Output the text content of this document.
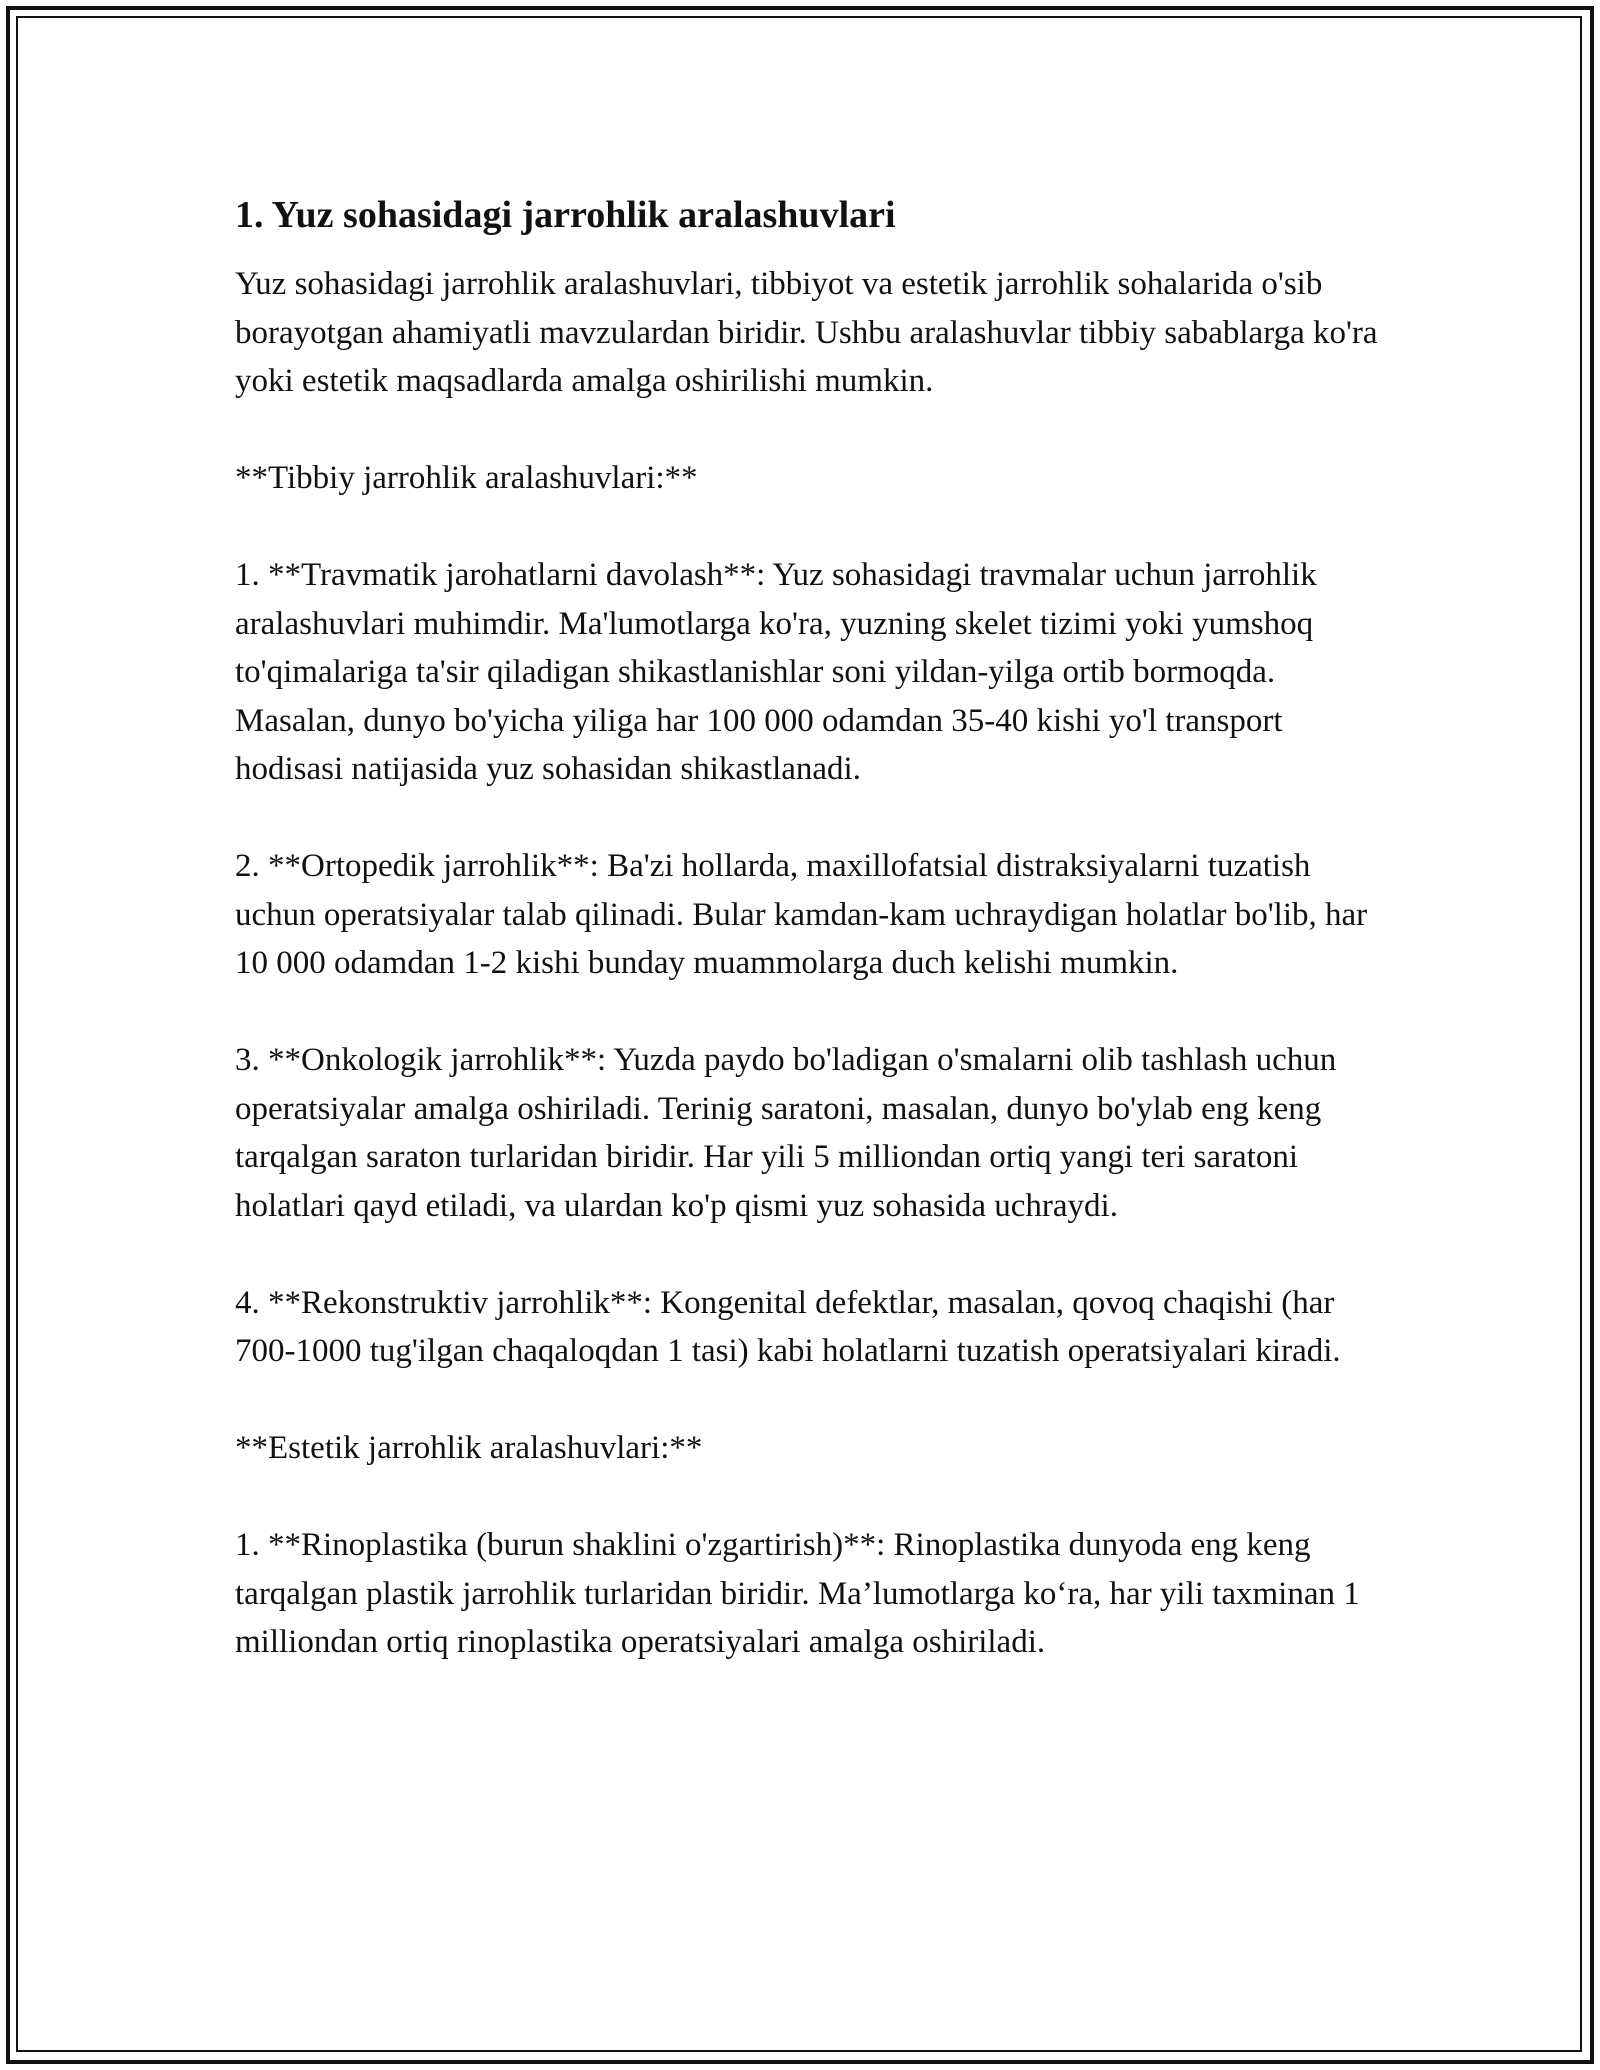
1. Yuz sohasidagi jarrohlik aralashuvlari

Yuz sohasidagi jarrohlik aralashuvlari, tibbiyot va estetik jarrohlik sohalarida o'sib borayotgan ahamiyatli mavzulardan biridir. Ushbu aralashuvlar tibbiy sabablarga ko'ra yoki estetik maqsadlarda amalga oshirilishi mumkin.

**Tibbiy jarrohlik aralashuvlari:**

1. **Travmatik jarohatlarni davolash**: Yuz sohasidagi travmalar uchun jarrohlik aralashuvlari muhimdir. Ma'lumotlarga ko'ra, yuzning skelet tizimi yoki yumshoq to'qimalariga ta'sir qiladigan shikastlanishlar soni yildan-yilga ortib bormoqda. Masalan, dunyo bo'yicha yiliga har 100 000 odamdan 35-40 kishi yo'l transport hodisasi natijasida yuz sohasidan shikastlanadi.

2. **Ortopedik jarrohlik**: Ba'zi hollarda, maxillofatsial distraksiyalarni tuzatish uchun operatsiyalar talab qilinadi. Bular kamdan-kam uchraydigan holatlar bo'lib, har 10 000 odamdan 1-2 kishi bunday muammolarga duch kelishi mumkin.

3. **Onkologik jarrohlik**: Yuzda paydo bo'ladigan o'smalarni olib tashlash uchun operatsiyalar amalga oshiriladi. Terinig saratoni, masalan, dunyo bo'ylab eng keng tarqalgan saraton turlaridan biridir. Har yili 5 milliondan ortiq yangi teri saratoni holatlari qayd etiladi, va ulardan ko'p qismi yuz sohasida uchraydi.

4. **Rekonstruktiv jarrohlik**: Kongenital defektlar, masalan, qovoq chaqishi (har 700-1000 tug'ilgan chaqaloqdan 1 tasi) kabi holatlarni tuzatish operatsiyalari kiradi.

**Estetik jarrohlik aralashuvlari:**

1. **Rinoplastika (burun shaklini o'zgartirish)**: Rinoplastika dunyoda eng keng tarqalgan plastik jarrohlik turlaridan biridir. Ma’lumotlarga ko‘ra, har yili taxminan 1 milliondan ortiq rinoplastika operatsiyalari amalga oshiriladi.
